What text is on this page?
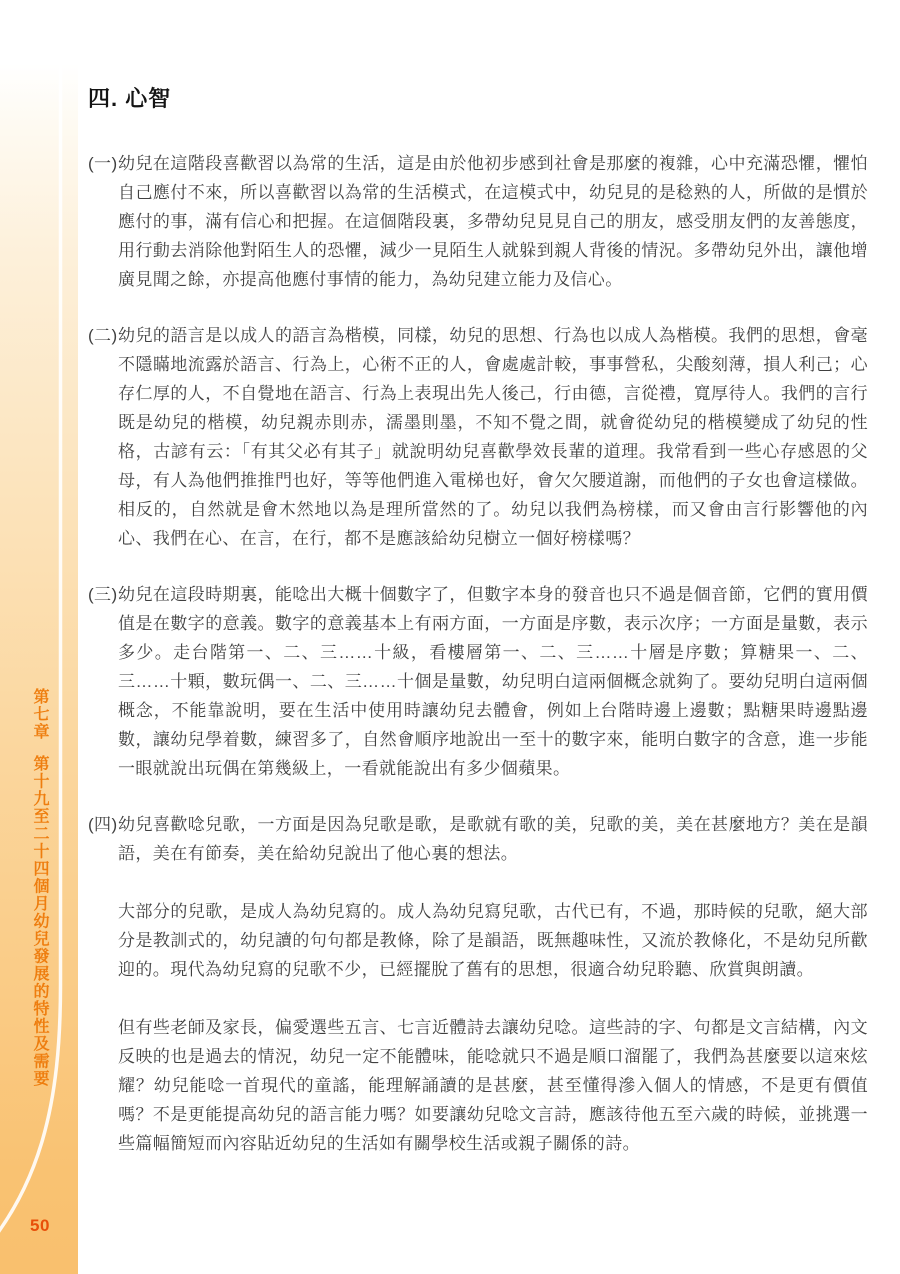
第七章第十九至二十四個月幼兒發展的特性及需要
50
四. 心智
(一) 幼兒在這階段喜歡習以為常的生活，這是由於他初步感到社會是那麼的複雜，心中充滿恐懼，懼怕自己應付不來，所以喜歡習以為常的生活模式，在這模式中，幼兒見的是稔熟的人，所做的是慣於應付的事，滿有信心和把握。在這個階段裏，多帶幼兒見見自己的朋友，感受朋友們的友善態度，用行動去消除他對陌生人的恐懼，減少一見陌生人就躲到親人背後的情況。多帶幼兒外出，讓他增廣見聞之餘，亦提高他應付事情的能力，為幼兒建立能力及信心。

(二) 幼兒的語言是以成人的語言為楷模，同樣，幼兒的思想、行為也以成人為楷模。我們的思想，會毫不隱瞞地流露於語言、行為上，心術不正的人，會處處計較，事事營私，尖酸刻薄，損人利己；心存仁厚的人，不自覺地在語言、行為上表現出先人後己，行由德，言從禮，寬厚待人。我們的言行既是幼兒的楷模，幼兒親赤則赤，濡墨則墨，不知不覺之間，就會從幼兒的楷模變成了幼兒的性格，古諺有云：「有其父必有其子」就說明幼兒喜歡學效長輩的道理。我常看到一些心存感恩的父母，有人為他們推推門也好，等等他們進入電梯也好，會欠欠腰道謝，而他們的子女也會這樣做。相反的，自然就是會木然地以為是理所當然的了。幼兒以我們為榜樣，而又會由言行影響他的內心、我們在心、在言，在行，都不是應該給幼兒樹立一個好榜樣嗎？

(三) 幼兒在這段時期裏，能唸出大概十個數字了，但數字本身的發音也只不過是個音節，它們的實用價值是在數字的意義。數字的意義基本上有兩方面，一方面是序數，表示次序；一方面是量數，表示多少。走台階第一、二、三……十級，看樓層第一、二、三……十層是序數；算糖果一、二、三……十顆，數玩偶一、二、三……十個是量數，幼兒明白這兩個概念就夠了。要幼兒明白這兩個概念，不能靠說明，要在生活中使用時讓幼兒去體會，例如上台階時邊上邊數；點糖果時邊點邊數，讓幼兒學着數，練習多了，自然會順序地說出一至十的數字來，能明白數字的含意，進一步能一眼就說出玩偶在第幾級上，一看就能說出有多少個蘋果。

(四) 幼兒喜歡唸兒歌，一方面是因為兒歌是歌，是歌就有歌的美，兒歌的美，美在甚麼地方？美在是韻語，美在有節奏，美在給幼兒說出了他心裏的想法。

大部分的兒歌，是成人為幼兒寫的。成人為幼兒寫兒歌，古代已有，不過，那時候的兒歌，絕大部分是教訓式的，幼兒讀的句句都是教條，除了是韻語，既無趣味性，又流於教條化，不是幼兒所歡迎的。現代為幼兒寫的兒歌不少，已經擺脫了舊有的思想，很適合幼兒聆聽、欣賞與朗讀。

但有些老師及家長，偏愛選些五言、七言近體詩去讓幼兒唸。這些詩的字、句都是文言結構，內文反映的也是過去的情況，幼兒一定不能體味，能唸就只不過是順口溜罷了，我們為甚麼要以這來炫耀？幼兒能唸一首現代的童謠，能理解誦讀的是甚麼，甚至懂得滲入個人的情感，不是更有價值嗎？不是更能提高幼兒的語言能力嗎？如要讓幼兒唸文言詩，應該待他五至六歲的時候，並挑選一些篇幅簡短而內容貼近幼兒的生活如有關學校生活或親子關係的詩。
